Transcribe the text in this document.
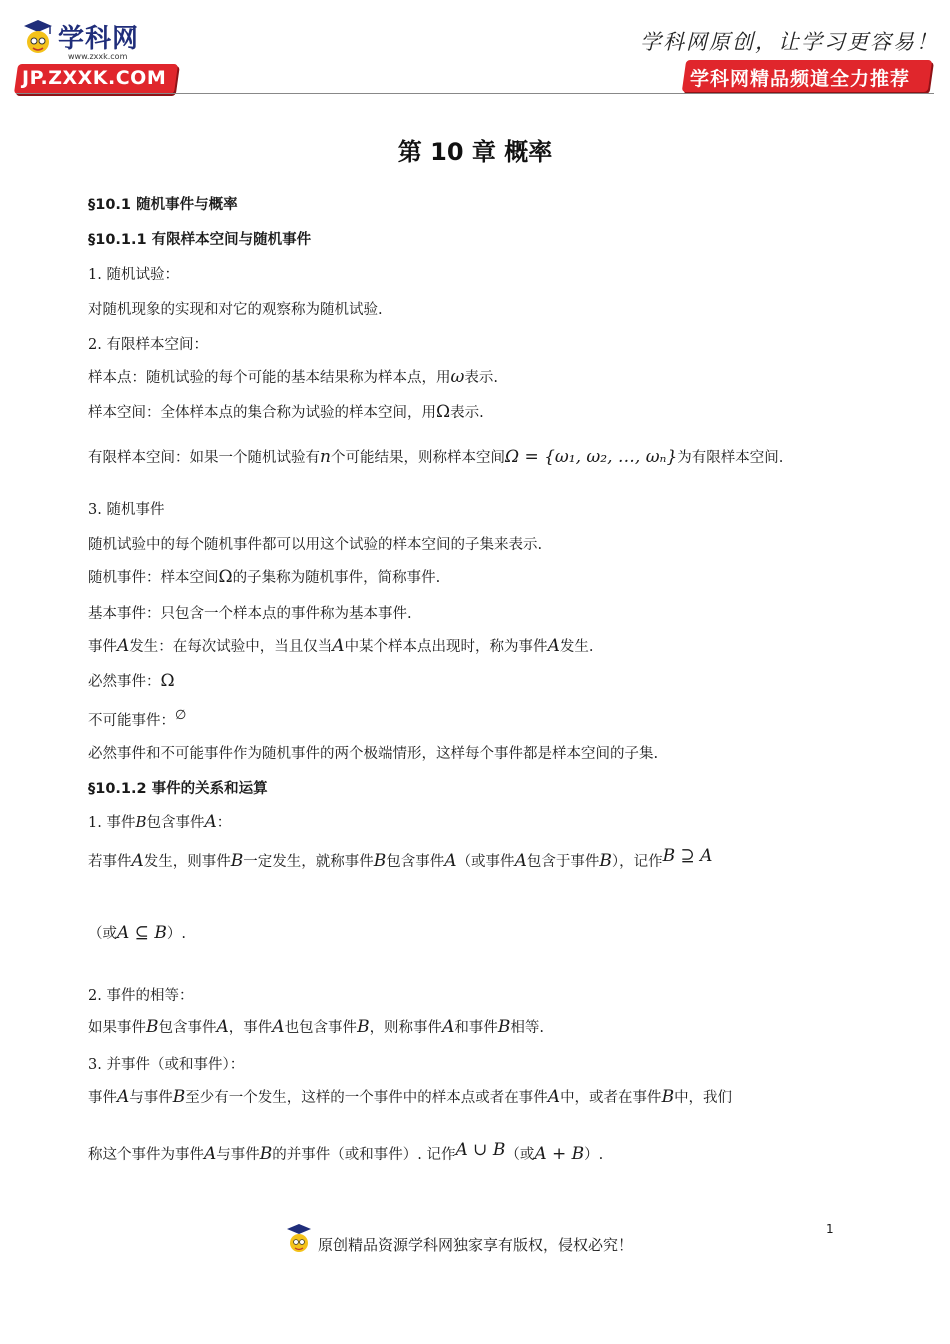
学科网
www.zxxk.com
JP.ZXXK.COM
学科网原创，让学习更容易！
学科网精品频道全力推荐
第 10 章 概率
§10.1 随机事件与概率
§10.1.1 有限样本空间与随机事件
1. 随机试验：
对随机现象的实现和对它的观察称为随机试验.
2. 有限样本空间：
样本点：随机试验的每个可能的基本结果称为样本点，用ω表示.
样本空间：全体样本点的集合称为试验的样本空间，用Ω表示.
有限样本空间：如果一个随机试验有n个可能结果，则称样本空间Ω = {ω₁, ω₂, …, ωₙ}为有限样本空间.
3. 随机事件
随机试验中的每个随机事件都可以用这个试验的样本空间的子集来表示.
随机事件：样本空间Ω的子集称为随机事件，简称事件.
基本事件：只包含一个样本点的事件称为基本事件.
事件A发生：在每次试验中，当且仅当A中某个样本点出现时，称为事件A发生.
必然事件：Ω
不可能事件：∅
必然事件和不可能事件作为随机事件的两个极端情形，这样每个事件都是样本空间的子集.
§10.1.2 事件的关系和运算
1. 事件B包含事件A：
若事件A发生，则事件B一定发生，就称事件B包含事件A（或事件A包含于事件B），记作B ⊇ A
（或A ⊆ B）.
2. 事件的相等：
如果事件B包含事件A，事件A也包含事件B，则称事件A和事件B相等.
3. 并事件（或和事件）：
事件A与事件B至少有一个发生，这样的一个事件中的样本点或者在事件A中，或者在事件B中，我们
称这个事件为事件A与事件B的并事件（或和事件）. 记作A ∪ B（或A + B）.
1
原创精品资源学科网独家享有版权，侵权必究！
